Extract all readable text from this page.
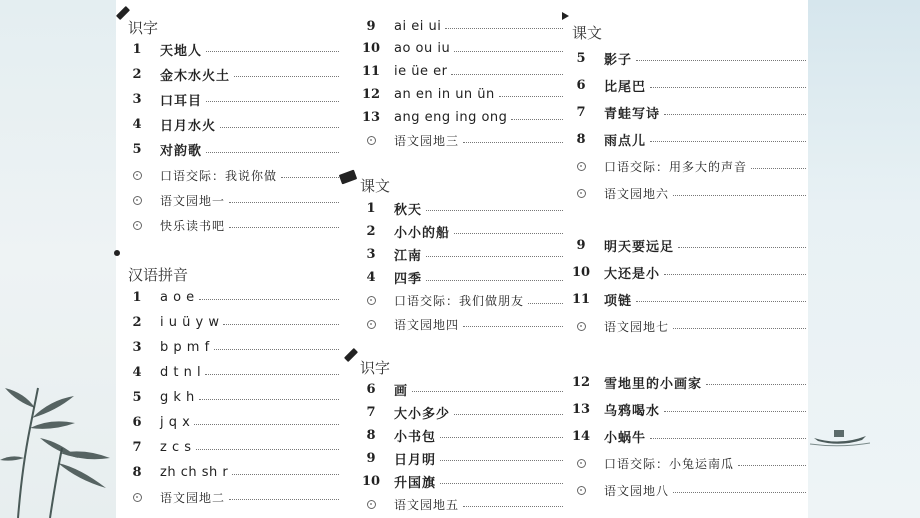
识字
1	天地人
2	金木水火土
3	口耳目
4	日月水火
5	对韵歌
口语交际：我说你做
语文园地一
快乐读书吧
汉语拼音
1	a o e
2	i u ü y w
3	b p m f
4	d t n l
5	g k h
6	j q x
7	z c s
8	zh ch sh r
语文园地二
9	ai ei ui
10 ao ou iu
11 ie üe er
12 an en in un ün
13 ang eng ing ong
语文园地三
课文
1	秋天
2	小小的船
3	江南
4	四季
口语交际：我们做朋友
语文园地四
识字
6	画
7	大小多少
8	小书包
9	日月明
10 升国旗
语文园地五
课文
5	影子
6	比尾巴
7	青蛙写诗
8	雨点儿
口语交际：用多大的声音
语文园地六
9	明天要远足
10 大还是小
11 项链
语文园地七
12 雪地里的小画家
13 乌鸦喝水
14 小蜗牛
口语交际：小兔运南瓜
语文园地八
